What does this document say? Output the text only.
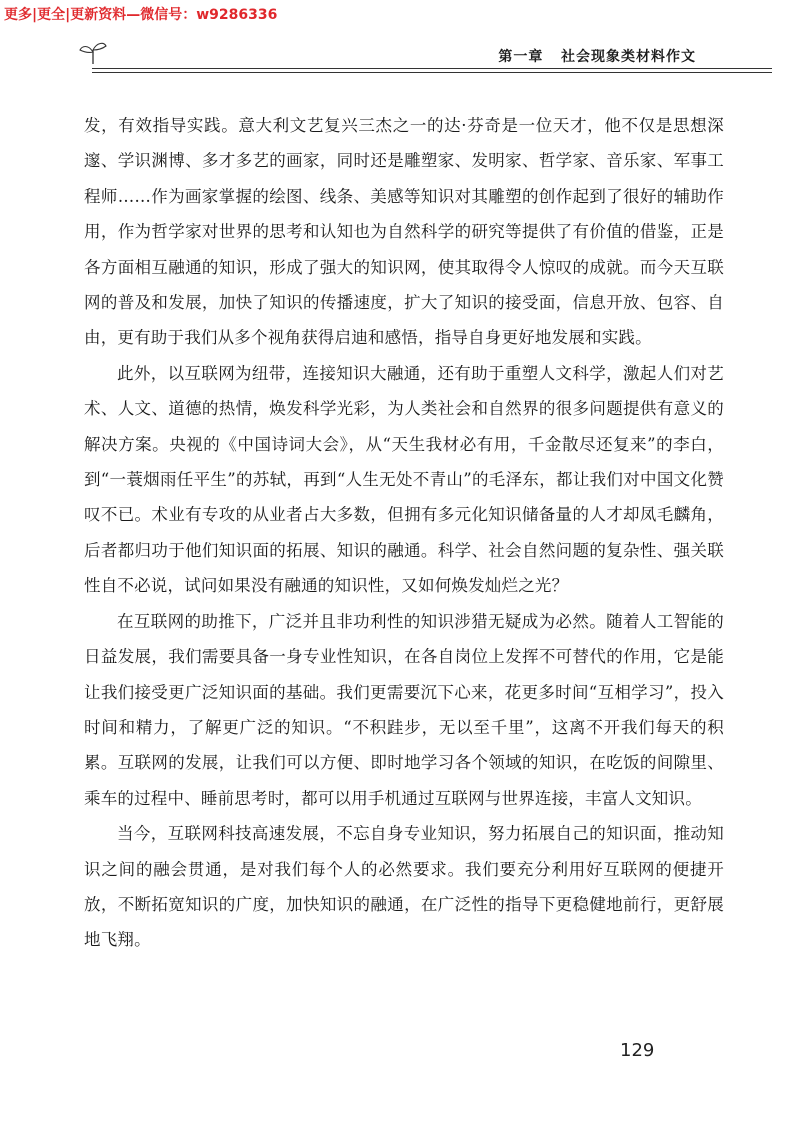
更多|更全|更新资料—微信号：w9286336
第一章 社会现象类材料作文

发，有效指导实践。意大利文艺复兴三杰之一的达·芬奇是一位天才，他不仅是思想深邃、学识渊博、多才多艺的画家，同时还是雕塑家、发明家、哲学家、音乐家、军事工程师……作为画家掌握的绘图、线条、美感等知识对其雕塑的创作起到了很好的辅助作用，作为哲学家对世界的思考和认知也为自然科学的研究等提供了有价值的借鉴，正是各方面相互融通的知识，形成了强大的知识网，使其取得令人惊叹的成就。而今天互联网的普及和发展，加快了知识的传播速度，扩大了知识的接受面，信息开放、包容、自由，更有助于我们从多个视角获得启迪和感悟，指导自身更好地发展和实践。

此外，以互联网为纽带，连接知识大融通，还有助于重塑人文科学，激起人们对艺术、人文、道德的热情，焕发科学光彩，为人类社会和自然界的很多问题提供有意义的解决方案。央视的《中国诗词大会》，从“天生我材必有用，千金散尽还复来”的李白，到“一蓑烟雨任平生”的苏轼，再到“人生无处不青山”的毛泽东，都让我们对中国文化赞叹不已。术业有专攻的从业者占大多数，但拥有多元化知识储备量的人才却凤毛麟角，后者都归功于他们知识面的拓展、知识的融通。科学、社会自然问题的复杂性、强关联性自不必说，试问如果没有融通的知识性，又如何焕发灿烂之光？

在互联网的助推下，广泛并且非功利性的知识涉猎无疑成为必然。随着人工智能的日益发展，我们需要具备一身专业性知识，在各自岗位上发挥不可替代的作用，它是能让我们接受更广泛知识面的基础。我们更需要沉下心来，花更多时间“互相学习”，投入时间和精力，了解更广泛的知识。“不积跬步，无以至千里”，这离不开我们每天的积累。互联网的发展，让我们可以方便、即时地学习各个领域的知识，在吃饭的间隙里、乘车的过程中、睡前思考时，都可以用手机通过互联网与世界连接，丰富人文知识。

当今，互联网科技高速发展，不忘自身专业知识，努力拓展自己的知识面，推动知识之间的融会贯通，是对我们每个人的必然要求。我们要充分利用好互联网的便捷开放，不断拓宽知识的广度，加快知识的融通，在广泛性的指导下更稳健地前行，更舒展地飞翔。

129
